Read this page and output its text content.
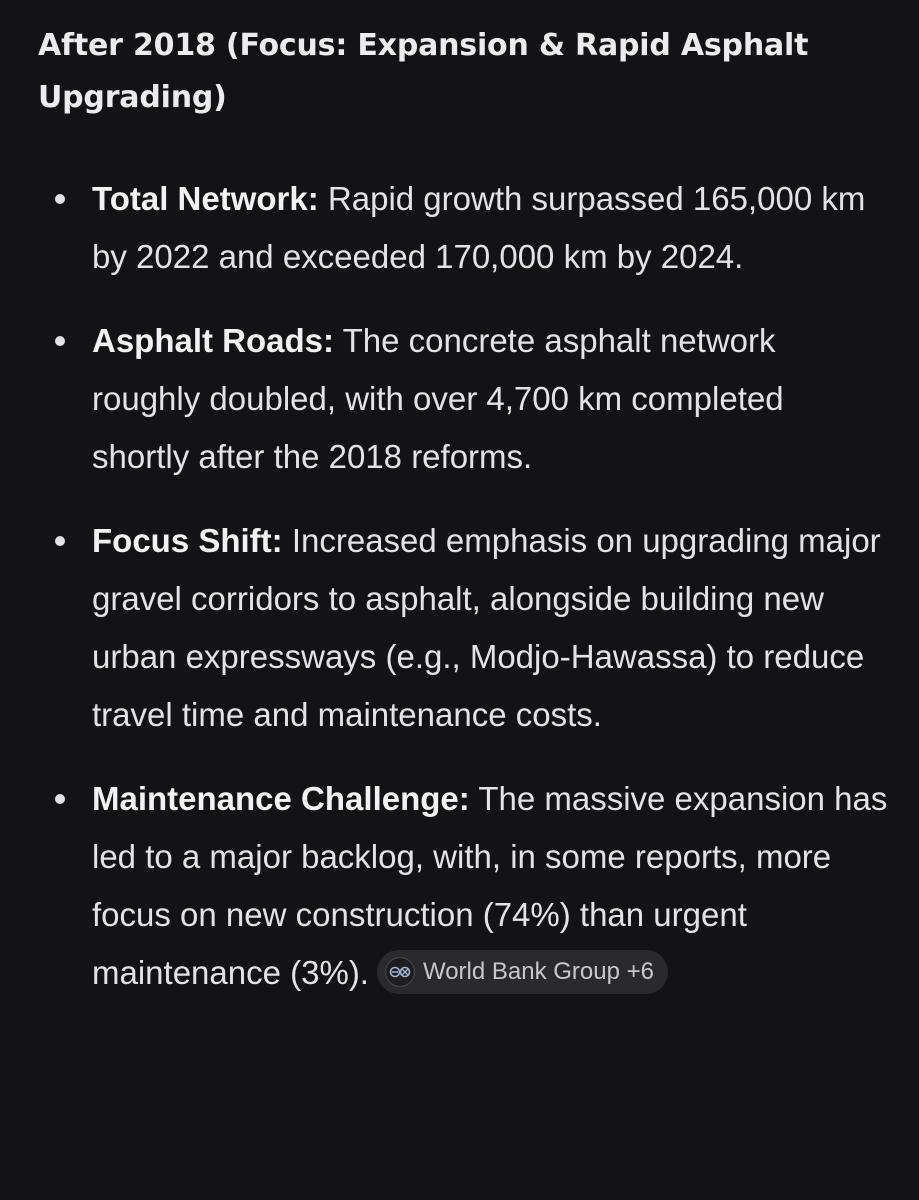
After 2018 (Focus: Expansion & Rapid Asphalt Upgrading)
Total Network: Rapid growth surpassed 165,000 km by 2022 and exceeded 170,000 km by 2024.
Asphalt Roads: The concrete asphalt network roughly doubled, with over 4,700 km completed shortly after the 2018 reforms.
Focus Shift: Increased emphasis on upgrading major gravel corridors to asphalt, alongside building new urban expressways (e.g., Modjo-Hawassa) to reduce travel time and maintenance costs.
Maintenance Challenge: The massive expansion has led to a major backlog, with, in some reports, more focus on new construction (74%) than urgent maintenance (3%). World Bank Group +6
